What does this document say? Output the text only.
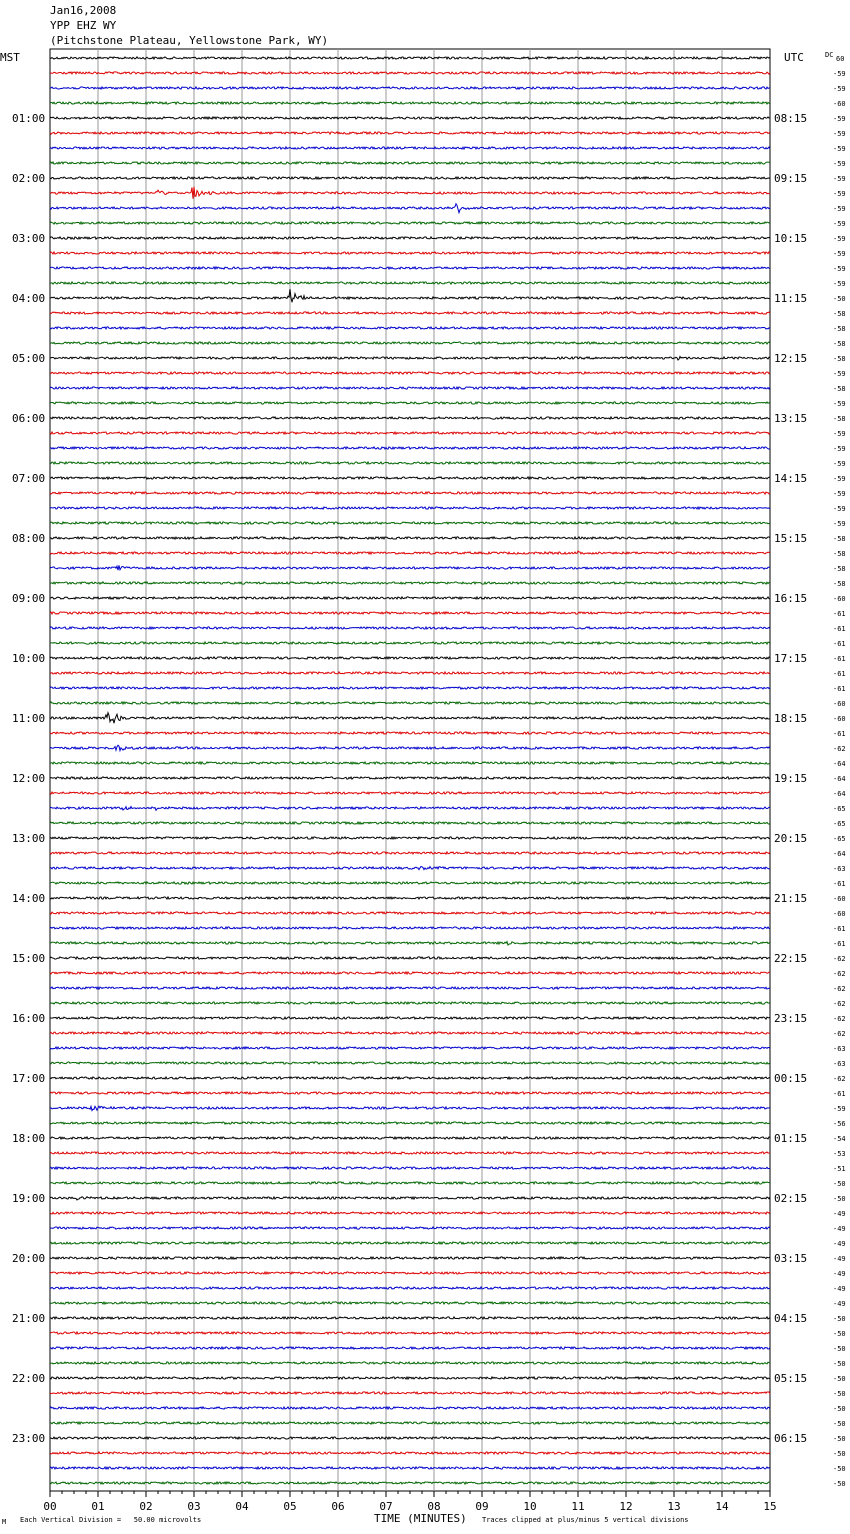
Jan16,2008
YPP EHZ WY
(Pitchstone Plateau, Yellowstone Park, WY)
01:00
02:00
03:00
04:00
05:00
06:00
07:00
08:00
09:00
10:00
11:00
12:00
13:00
14:00
15:00
16:00
17:00
18:00
19:00
20:00
21:00
22:00
23:00
08:15
09:15
10:15
11:15
12:15
13:15
14:15
15:15
16:15
17:15
18:15
19:15
20:15
21:15
22:15
23:15
00:15
01:15
02:15
03:15
04:15
05:15
06:15
-59
-59
-60
-59
-59
-59
-59
-59
-59
-59
-59
-59
-59
-59
-59
-50
-58
-58
-58
-58
-59
-58
-59
-58
-59
-59
-59
-59
-59
-59
-59
-58
-58
-58
-58
-60
-61
-61
-61
-61
-61
-61
-60
-60
-61
-62
-64
-64
-64
-65
-65
-65
-64
-63
-61
-60
-60
-61
-61
-62
-62
-62
-62
-62
-62
-63
-63
-62
-61
-59
-56
-54
-53
-51
-50
-50
-49
-49
-49
-49
-49
-49
-49
-50
-50
-50
-50
-50
-50
-50
-50
-50
-50
-50
-50
00	01	02	03	04	05	06	07	08	09	10	11	12	13	14	15
MST	UTC	DC 60
TIME (MINUTES)
M Each Vertical Division =   50.00 microvolts	Traces clipped at plus/minus 5 vertical divisions
